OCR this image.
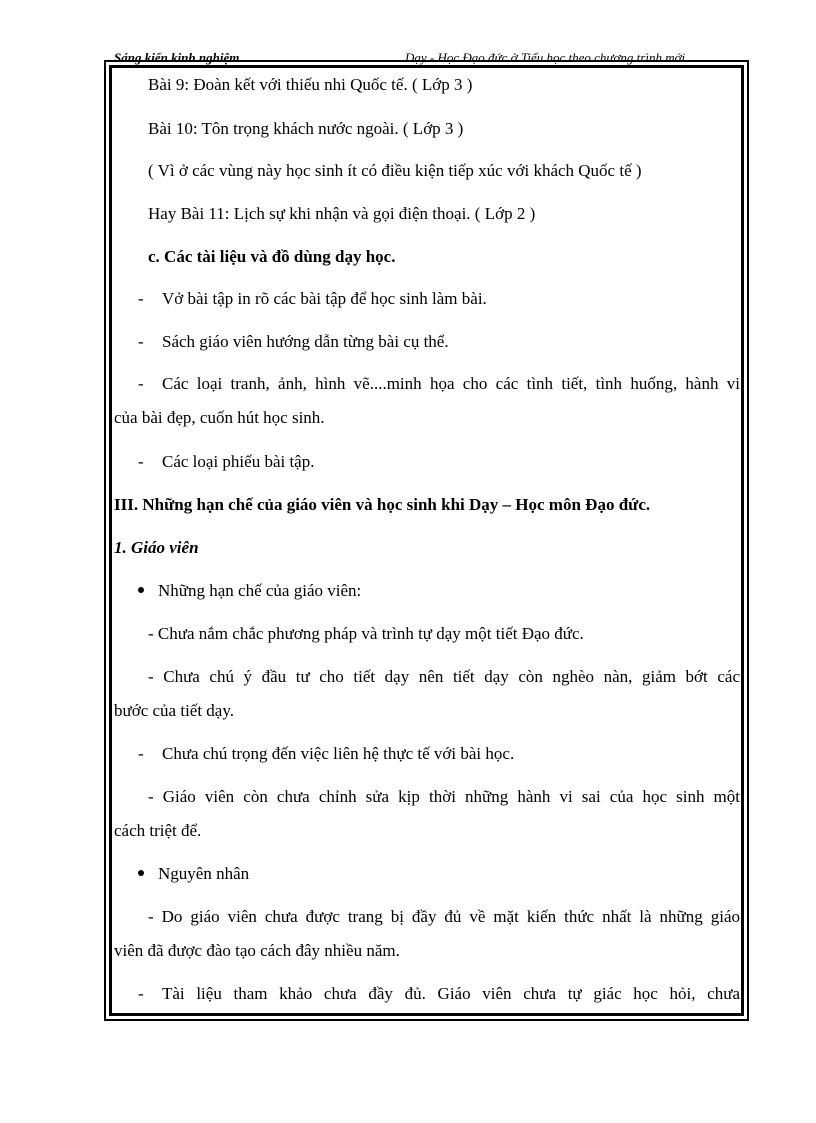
Sáng kiến kinh nghiệm	Dạy - Học Đạo đức ở Tiểu học theo chương trình mới
Bài 9: Đoàn kết với thiếu nhi Quốc tế. ( Lớp 3 )
Bài 10: Tôn trọng khách nước ngoài. ( Lớp 3 )
( Vì ở các vùng này học sinh ít có điều kiện tiếp xúc với khách Quốc tế )
Hay Bài 11: Lịch sự khi nhận và gọi điện thoại. ( Lớp 2 )
c. Các tài liệu và đồ dùng dạy học.
- Vở bài tập in rõ các bài tập để học sinh làm bài.
- Sách giáo viên hướng dẫn từng bài cụ thể.
- Các loại tranh, ảnh, hình vẽ....minh họa cho các tình tiết, tình huống, hành vi
của bài đẹp, cuốn hút học sinh.
- Các loại phiếu bài tập.
III. Những hạn chế của giáo viên và học sinh khi Dạy – Học môn Đạo đức.
1. Giáo viên
Những hạn chế của giáo viên:
- Chưa nắm chắc phương pháp và trình tự dạy một tiết Đạo đức.
- Chưa chú ý đầu tư cho tiết dạy nên tiết dạy còn nghèo nàn, giảm bớt các
bước của tiết dạy.
- Chưa chú trọng đến việc liên hệ thực tế với bài học.
- Giáo viên còn chưa chỉnh sửa kịp thời những hành vi sai của học sinh một
cách triệt để.
Nguyên nhân
- Do giáo viên chưa được trang bị đầy đủ về mặt kiến thức nhất là những giáo
viên đã được đào tạo cách đây nhiều năm.
- Tài liệu tham khảo chưa đầy đủ. Giáo viên chưa tự giác học hỏi, chưa
